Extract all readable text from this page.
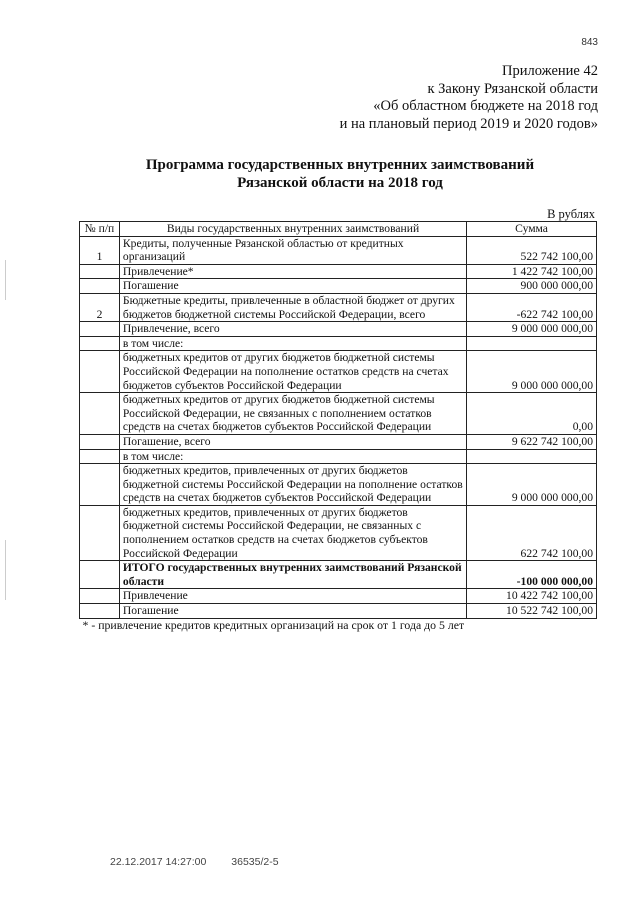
843
Приложение 42
к Закону Рязанской области
«Об областном бюджете на 2018 год
и на плановый период 2019 и 2020 годов»
Программа государственных внутренних заимствований
Рязанской области на 2018 год
В рублях
№ п/п	Виды государственных внутренних заимствований	Сумма
1	Кредиты, полученные Рязанской областью от кредитных организаций	522 742 100,00
	Привлечение*	1 422 742 100,00
	Погашение	900 000 000,00
2	Бюджетные кредиты, привлеченные в областной бюджет от других бюджетов бюджетной системы Российской Федерации, всего	-622 742 100,00
	Привлечение, всего	9 000 000 000,00
	в том числе:	
	бюджетных кредитов от других бюджетов бюджетной системы Российской Федерации на пополнение остатков средств на счетах бюджетов субъектов Российской Федерации	9 000 000 000,00
	бюджетных кредитов от других бюджетов бюджетной системы Российской Федерации, не связанных с пополнением остатков средств на счетах бюджетов субъектов Российской Федерации	0,00
	Погашение, всего	9 622 742 100,00
	в том числе:	
	бюджетных кредитов, привлеченных от других бюджетов бюджетной системы Российской Федерации на пополнение остатков средств на счетах бюджетов субъектов Российской Федерации	9 000 000 000,00
	бюджетных кредитов, привлеченных от других бюджетов бюджетной системы Российской Федерации, не связанных с пополнением остатков средств на счетах бюджетов субъектов Российской Федерации	622 742 100,00
	ИТОГО государственных внутренних заимствований Рязанской области	-100 000 000,00
	Привлечение	10 422 742 100,00
	Погашение	10 522 742 100,00
* - привлечение кредитов кредитных организаций на срок от 1 года до 5 лет		
22.12.2017 14:27:00 36535/2-5
